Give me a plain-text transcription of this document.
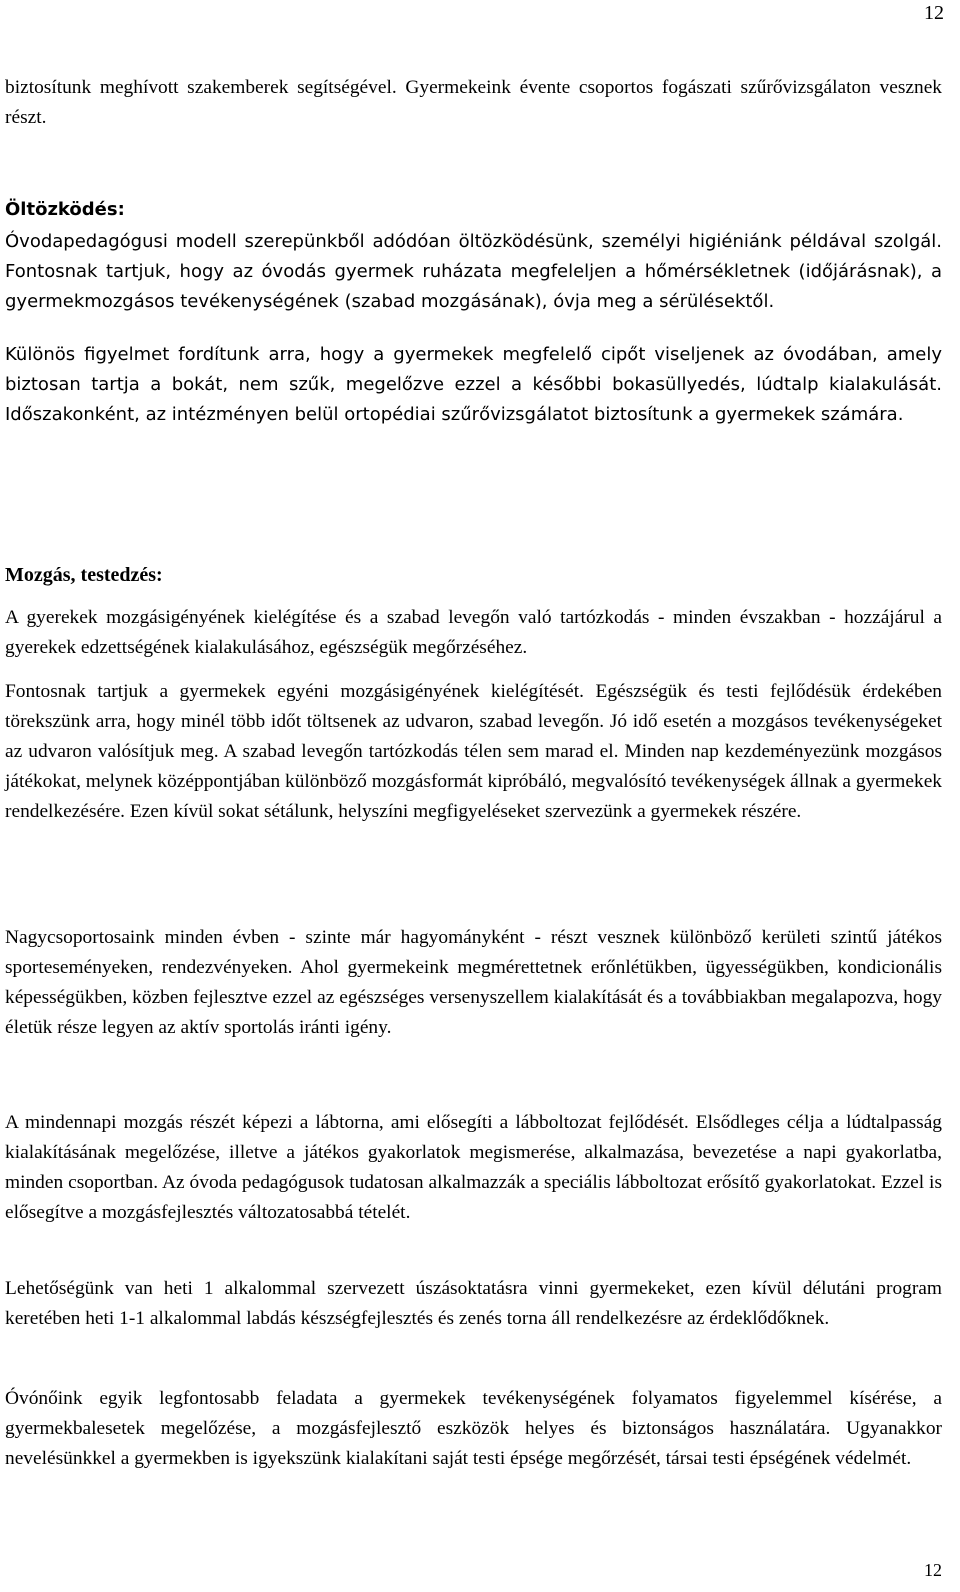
12

biztosítunk meghívott szakemberek segítségével. Gyermekeink évente csoportos fogászati szűrővizsgálaton vesznek részt.

Öltözködés:

Óvodapedagógusi modell szerepünkből adódóan öltözködésünk, személyi higiéniánk példával szolgál. Fontosnak tartjuk, hogy az óvodás gyermek ruházata megfeleljen a hőmérsékletnek (időjárásnak), a gyermekmozgásos tevékenységének (szabad mozgásának), óvja meg a sérülésektől.

Különös figyelmet fordítunk arra, hogy a gyermekek megfelelő cipőt viseljenek az óvodában, amely biztosan tartja a bokát, nem szűk, megelőzve ezzel a későbbi bokasüllyedés, lúdtalp kialakulását. Időszakonként, az intézményen belül ortopédiai szűrővizsgálatot biztosítunk a gyermekek számára.

Mozgás, testedzés:

A gyerekek mozgásigényének kielégítése és a szabad levegőn való tartózkodás - minden évszakban - hozzájárul a gyerekek edzettségének kialakulásához, egészségük megőrzéséhez.

Fontosnak tartjuk a gyermekek egyéni mozgásigényének kielégítését. Egészségük és testi fejlődésük érdekében törekszünk arra, hogy minél több időt töltsenek az udvaron, szabad levegőn. Jó idő esetén a mozgásos tevékenységeket az udvaron valósítjuk meg. A szabad levegőn tartózkodás télen sem marad el. Minden nap kezdeményezünk mozgásos játékokat, melynek középpontjában különböző mozgásformát kipróbáló, megvalósító tevékenységek állnak a gyermekek rendelkezésére. Ezen kívül sokat sétálunk, helyszíni megfigyeléseket szervezünk a gyermekek részére.

Nagycsoportosaink minden évben - szinte már hagyományként - részt vesznek különböző kerületi szintű játékos sporteseményeken, rendezvényeken. Ahol gyermekeink megmérettetnek erőnlétükben, ügyességükben, kondicionális képességükben, közben fejlesztve ezzel az egészséges versenyszellem kialakítását és a továbbiakban megalapozva, hogy életük része legyen az aktív sportolás iránti igény.

A mindennapi mozgás részét képezi a lábtorna, ami elősegíti a lábboltozat fejlődését. Elsődleges célja a lúdtalpasság kialakításának megelőzése, illetve a játékos gyakorlatok megismerése, alkalmazása, bevezetése a napi gyakorlatba, minden csoportban. Az óvoda pedagógusok tudatosan alkalmazzák a speciális lábboltozat erősítő gyakorlatokat. Ezzel is elősegítve a mozgásfejlesztés változatosabbá tételét.

Lehetőségünk van heti 1 alkalommal szervezett úszásoktatásra vinni gyermekeket, ezen kívül délutáni program keretében heti 1-1 alkalommal labdás készségfejlesztés és zenés torna áll rendelkezésre az érdeklődőknek.

Óvónőink egyik legfontosabb feladata a gyermekek tevékenységének folyamatos figyelemmel kísérése, a gyermekbalesetek megelőzése, a mozgásfejlesztő eszközök helyes és biztonságos használatára. Ugyanakkor nevelésünkkel a gyermekben is igyekszünk kialakítani saját testi épsége megőrzését, társai testi épségének védelmét.

12
